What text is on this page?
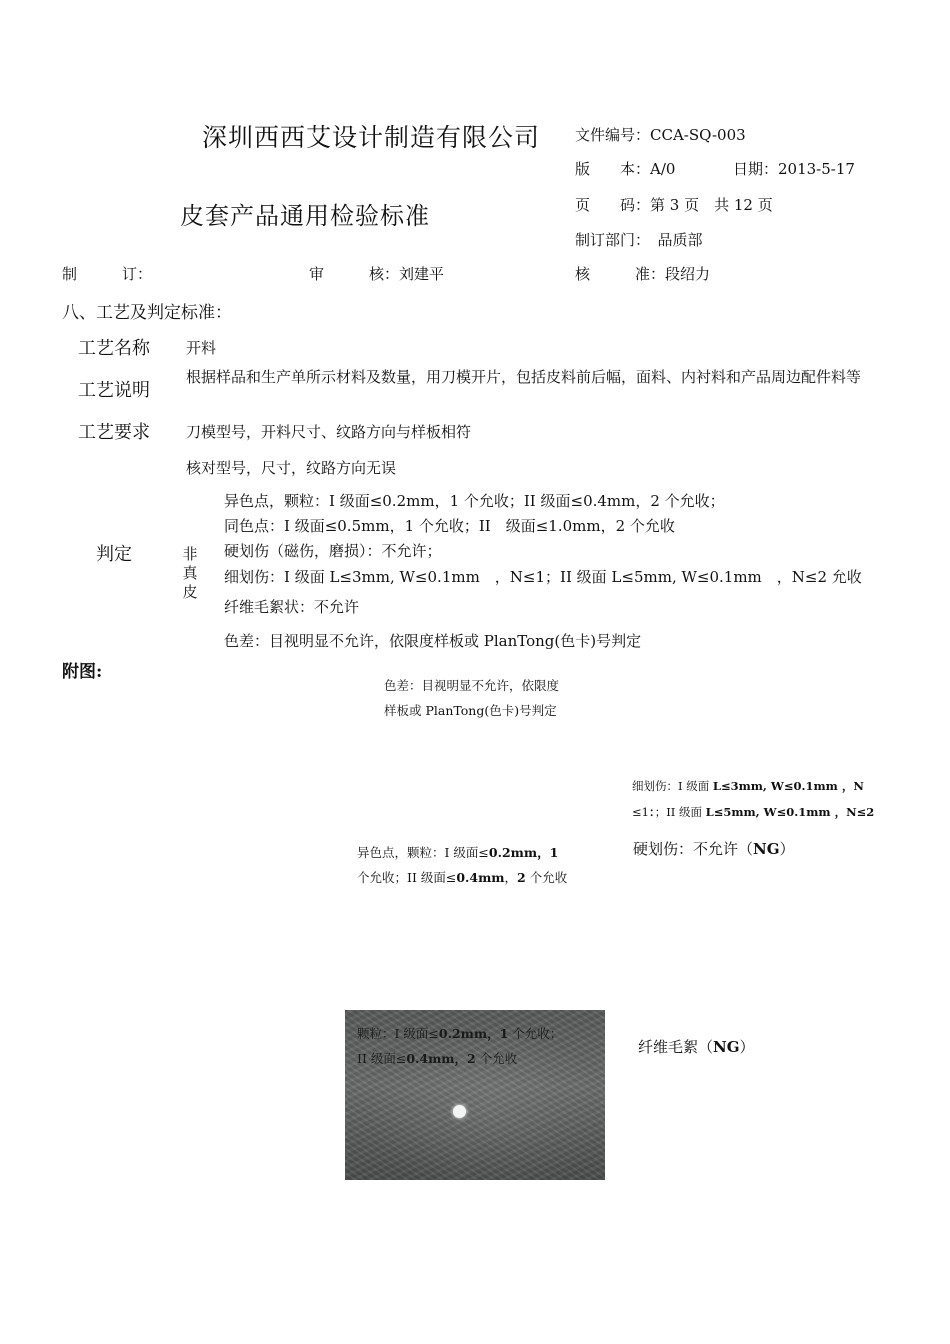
深圳西西艾设计制造有限公司
皮套产品通用检验标准
文件编号：CCA-SQ-003
版　　本：A/0	日期：2013-5-17
页　　码：第 3 页　共 12 页
制订部门：　品质部
制　　　订：	审　　　核：刘建平	核　　　准：段绍力
八、工艺及判定标准：
工艺名称 开料
工艺说明
根据样品和生产单所示材料及数量，用刀模开片，包括皮料前后幅，面料、内衬料和产品周边配件料等
工艺要求 刀模型号，开料尺寸、纹路方向与样板相符
核对型号，尺寸，纹路方向无误
判定	非真皮
异色点，颗粒：I 级面≤0.2mm，1 个允收；II 级面≤0.4mm，2 个允收；
同色点：I 级面≤0.5mm，1 个允收；II　级面≤1.0mm，2 个允收
硬划伤（磁伤，磨损）：不允许；
细划伤：I 级面 L≤3mm, W≤0.1mm　，N≤1；II 级面 L≤5mm, W≤0.1mm　，N≤2 允收
纤维毛絮状：不允许
色差：目视明显不允许，依限度样板或 PlanTong(色卡)号判定
附图:
色差：目视明显不允许，依限度
样板或 PlanTong(色卡)号判定
细划伤：I 级面 L≤3mm, W≤0.1mm ，N
≤1：；II 级面 L≤5mm, W≤0.1mm ，N≤2
硬划伤：不允许（NG）
异色点，颗粒：I 级面≤0.2mm，1
个允收；II 级面≤0.4mm，2 个允收
颗粒：I 级面≤0.2mm，1 个允收；
II 级面≤0.4mm，2 个允收
纤维毛絮（NG）
